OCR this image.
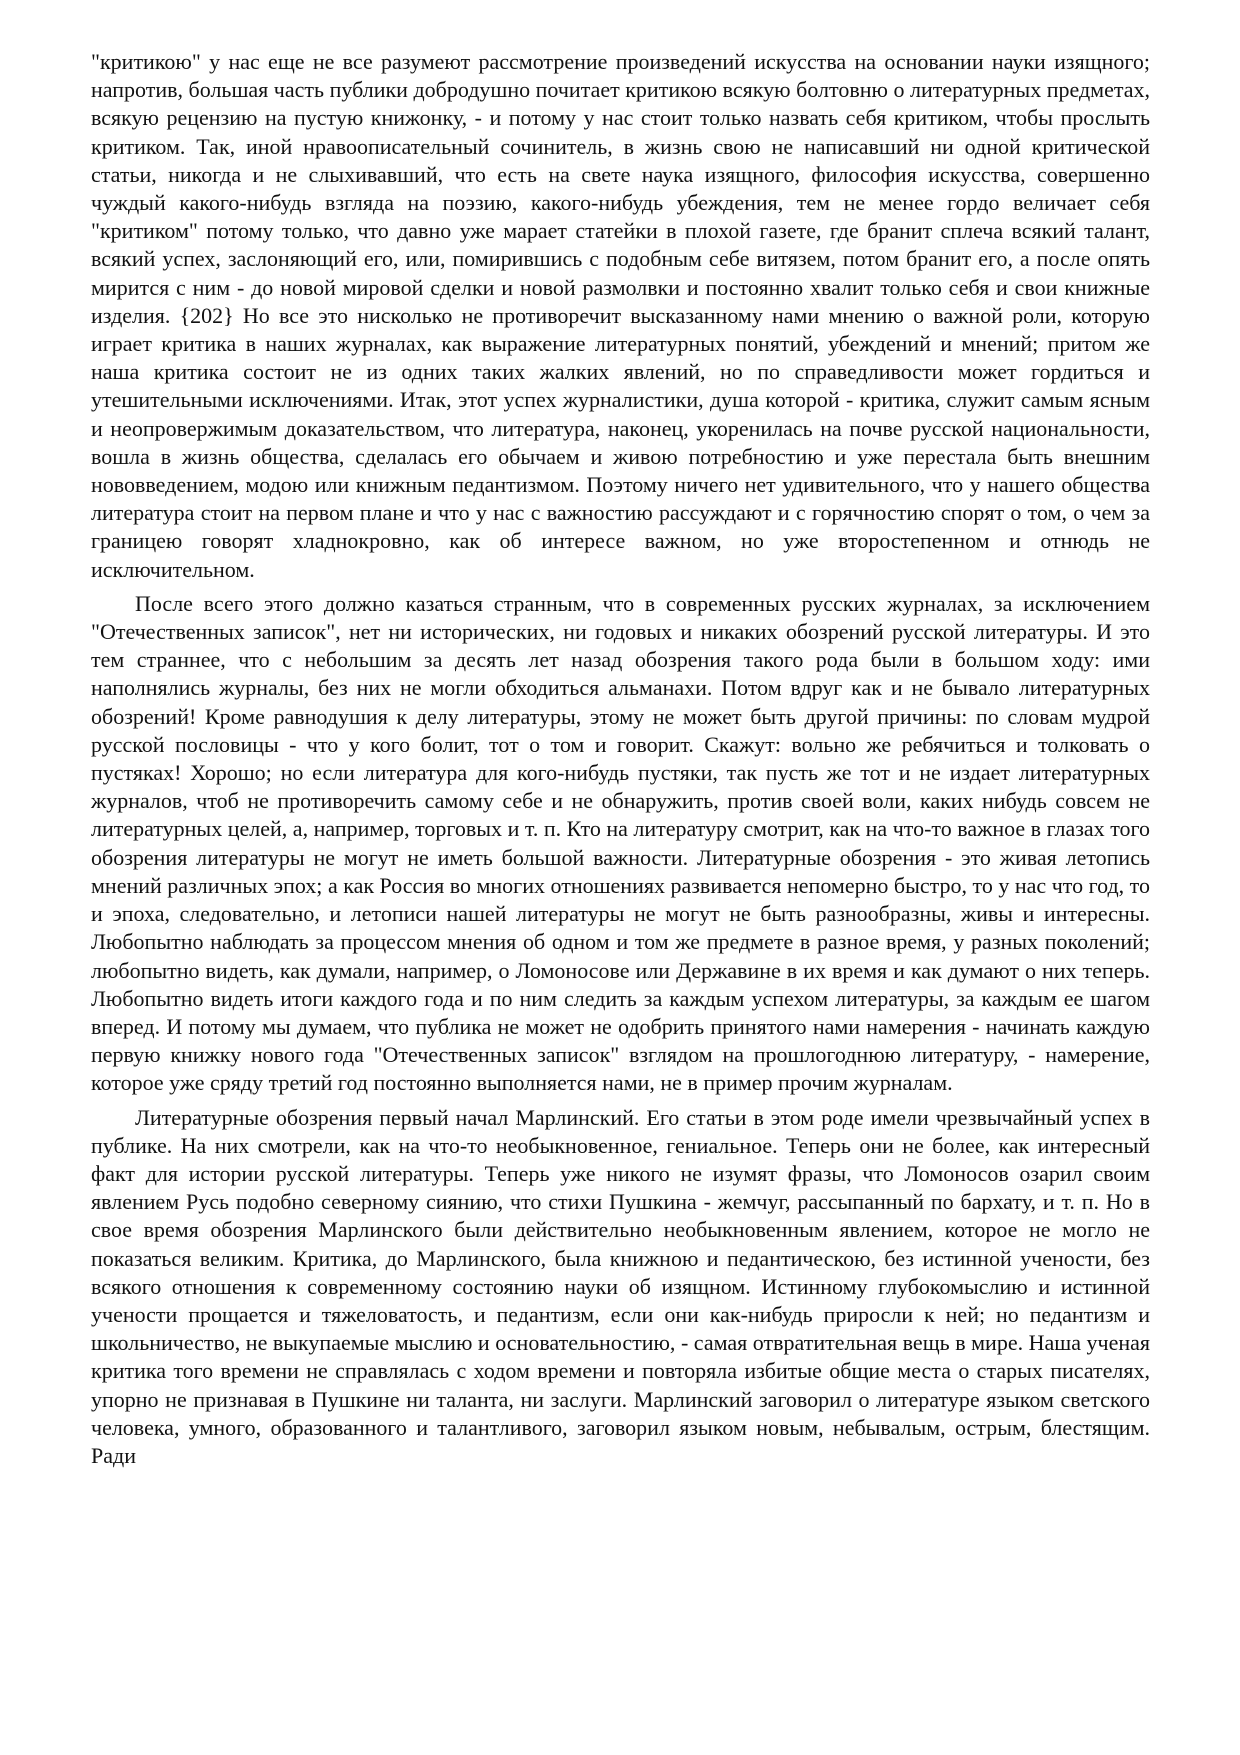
"критикою" у нас еще не все разумеют рассмотрение произведений искусства на основании науки изящного; напротив, большая часть публики добродушно почитает критикою всякую болтовню о литературных предметах, всякую рецензию на пустую книжонку, - и потому у нас стоит только назвать себя критиком, чтобы прослыть критиком. Так, иной нравоописательный сочинитель, в жизнь свою не написавший ни одной критической статьи, никогда и не слыхивавший, что есть на свете наука изящного, философия искусства, совершенно чуждый какого-нибудь взгляда на поэзию, какого-нибудь убеждения, тем не менее гордо величает себя "критиком" потому только, что давно уже марает статейки в плохой газете, где бранит сплеча всякий талант, всякий успех, заслоняющий его, или, помирившись с подобным себе витязем, потом бранит его, а после опять мирится с ним - до новой мировой сделки и новой размолвки и постоянно хвалит только себя и свои книжные изделия. {202} Но все это нисколько не противоречит высказанному нами мнению о важной роли, которую играет критика в наших журналах, как выражение литературных понятий, убеждений и мнений; притом же наша критика состоит не из одних таких жалких явлений, но по справедливости может гордиться и утешительными исключениями. Итак, этот успех журналистики, душа которой - критика, служит самым ясным и неопровержимым доказательством, что литература, наконец, укоренилась на почве русской национальности, вошла в жизнь общества, сделалась его обычаем и живою потребностию и уже перестала быть внешним нововведением, модою или книжным педантизмом. Поэтому ничего нет удивительного, что у нашего общества литература стоит на первом плане и что у нас с важностию рассуждают и с горячностию спорят о том, о чем за границею говорят хладнокровно, как об интересе важном, но уже второстепенном и отнюдь не исключительном.

После всего этого должно казаться странным, что в современных русских журналах, за исключением "Отечественных записок", нет ни исторических, ни годовых и никаких обозрений русской литературы. И это тем страннее, что с небольшим за десять лет назад обозрения такого рода были в большом ходу: ими наполнялись журналы, без них не могли обходиться альманахи. Потом вдруг как и не бывало литературных обозрений! Кроме равнодушия к делу литературы, этому не может быть другой причины: по словам мудрой русской пословицы - что у кого болит, тот о том и говорит. Скажут: вольно же ребячиться и толковать о пустяках! Хорошо; но если литература для кого-нибудь пустяки, так пусть же тот и не издает литературных журналов, чтоб не противоречить самому себе и не обнаружить, против своей воли, каких нибудь совсем не литературных целей, а, например, торговых и т. п. Кто на литературу смотрит, как на что-то важное в глазах того обозрения литературы не могут не иметь большой важности. Литературные обозрения - это живая летопись мнений различных эпох; а как Россия во многих отношениях развивается непомерно быстро, то у нас что год, то и эпоха, следовательно, и летописи нашей литературы не могут не быть разнообразны, живы и интересны. Любопытно наблюдать за процессом мнения об одном и том же предмете в разное время, у разных поколений; любопытно видеть, как думали, например, о Ломоносове или Державине в их время и как думают о них теперь. Любопытно видеть итоги каждого года и по ним следить за каждым успехом литературы, за каждым ее шагом вперед. И потому мы думаем, что публика не может не одобрить принятого нами намерения - начинать каждую первую книжку нового года "Отечественных записок" взглядом на прошлогоднюю литературу, - намерение, которое уже сряду третий год постоянно выполняется нами, не в пример прочим журналам.

Литературные обозрения первый начал Марлинский. Его статьи в этом роде имели чрезвычайный успех в публике. На них смотрели, как на что-то необыкновенное, гениальное. Теперь они не более, как интересный факт для истории русской литературы. Теперь уже никого не изумят фразы, что Ломоносов озарил своим явлением Русь подобно северному сиянию, что стихи Пушкина - жемчуг, рассыпанный по бархату, и т. п. Но в свое время обозрения Марлинского были действительно необыкновенным явлением, которое не могло не показаться великим. Критика, до Марлинского, была книжною и педантическою, без истинной учености, без всякого отношения к современному состоянию науки об изящном. Истинному глубокомыслию и истинной учености прощается и тяжеловатость, и педантизм, если они как-нибудь приросли к ней; но педантизм и школьничество, не выкупаемые мыслию и основательностию, - самая отвратительная вещь в мире. Наша ученая критика того времени не справлялась с ходом времени и повторяла избитые общие места о старых писателях, упорно не признавая в Пушкине ни таланта, ни заслуги. Марлинский заговорил о литературе языком светского человека, умного, образованного и талантливого, заговорил языком новым, небывалым, острым, блестящим. Ради
